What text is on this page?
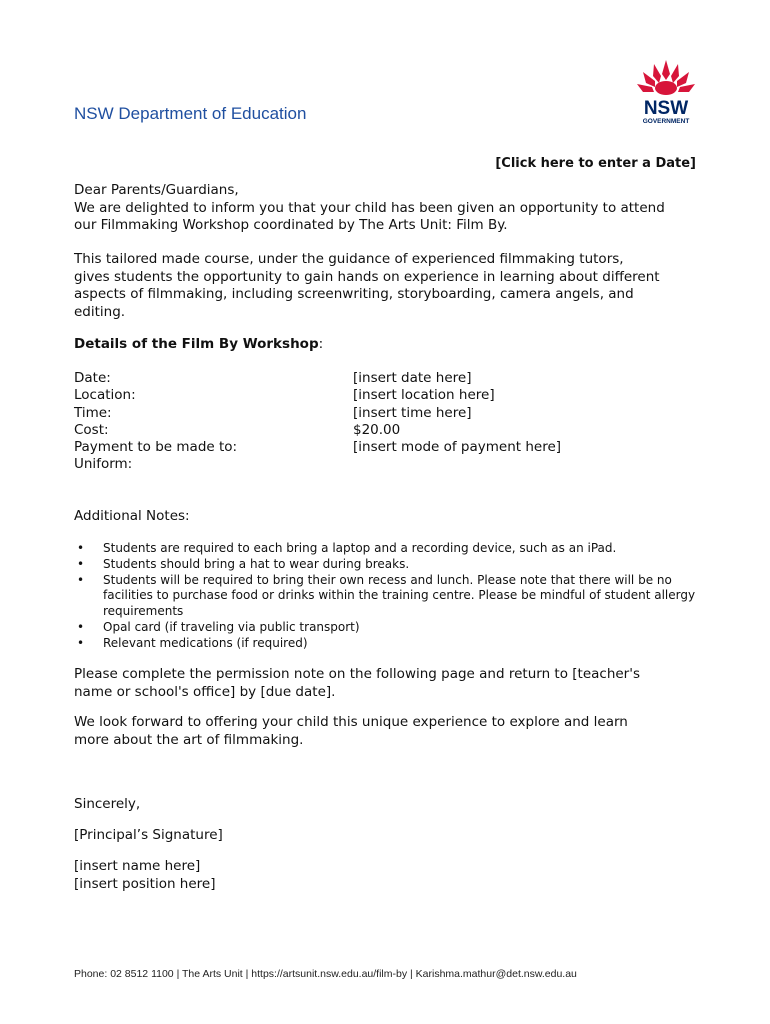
NSW Department of Education	NSW
GOVERNMENT
[Click here to enter a Date]

Dear Parents/Guardians,

We are delighted to inform you that your child has been given an opportunity to attend

our Filmmaking Workshop coordinated by The Arts Unit: Film By.

This tailored made course, under the guidance of experienced filmmaking tutors,

gives students the opportunity to gain hands on experience in learning about different

aspects of filmmaking, including screenwriting, storyboarding, camera angels, and

editing.

Details of the Film By Workshop:
Date:	[insert date here]
Location:	[insert location here]
Time:	[insert time here]
Cost:	$20.00
Payment to be made to:	[insert mode of payment here]
Uniform:
Additional Notes:
• Students are required to each bring a laptop and a recording device, such as an iPad.
• Students should bring a hat to wear during breaks.
• Students will be required to bring their own recess and lunch. Please note that there will be no facilities to purchase food or drinks within the training centre. Please be mindful of student allergy requirements
• Opal card (if traveling via public transport)
• Relevant medications (if required)

Please complete the permission note on the following page and return to [teacher's

name or school's office] by [due date].

We look forward to offering your child this unique experience to explore and learn

more about the art of filmmaking.

Sincerely,
[Principal’s Signature]

[insert name here]

[insert position here]

Phone: 02 8512 1100 | The Arts Unit | https://artsunit.nsw.edu.au/film-by | Karishma.mathur@det.nsw.edu.au
